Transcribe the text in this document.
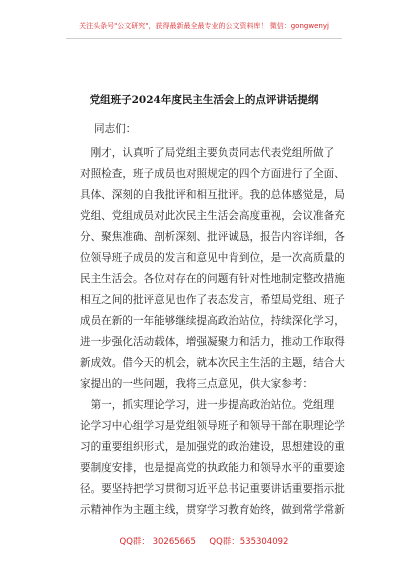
关注头条号"公文研究"，获得最新最全最专业的公文资料库！ 微信：gongwenyj
党组班子2024年度民主生活会上的点评讲话提纲
同志们：
　刚才，认真听了局党组主要负责同志代表党组所做了
对照检查，班子成员也对照规定的四个方面进行了全面、
具体、深刻的自我批评和相互批评。我的总体感觉是，局
党组、党组成员对此次民主生活会高度重视，会议准备充
分、聚焦准确、剖析深刻、批评诚恳，报告内容详细，各
位领导班子成员的发言和意见中肯到位，是一次高质量的
民主生活会。各位对存在的问题有针对性地制定整改措施
相互之间的批评意见也作了表态发言，希望局党组、班子
成员在新的一年能够继续提高政治站位，持续深化学习，
进一步强化活动载体，增强凝聚力和活力，推动工作取得
新成效。借今天的机会，就本次民主生活的主题，结合大
家提出的一些问题，我将三点意见，供大家参考：
　第一，抓实理论学习，进一步提高政治站位。党组理
论学习中心组学习是党组领导班子和领导干部在职理论学
习的重要组织形式，是加强党的政治建设，思想建设的重
要制度安排，也是提高党的执政能力和领导水平的重要途
径。要坚持把学习贯彻习近平总书记重要讲话重要指示批
示精神作为主题主线，贯穿学习教育始终，做到常学常新
QQ群： 30265665     QQ群：535304092
